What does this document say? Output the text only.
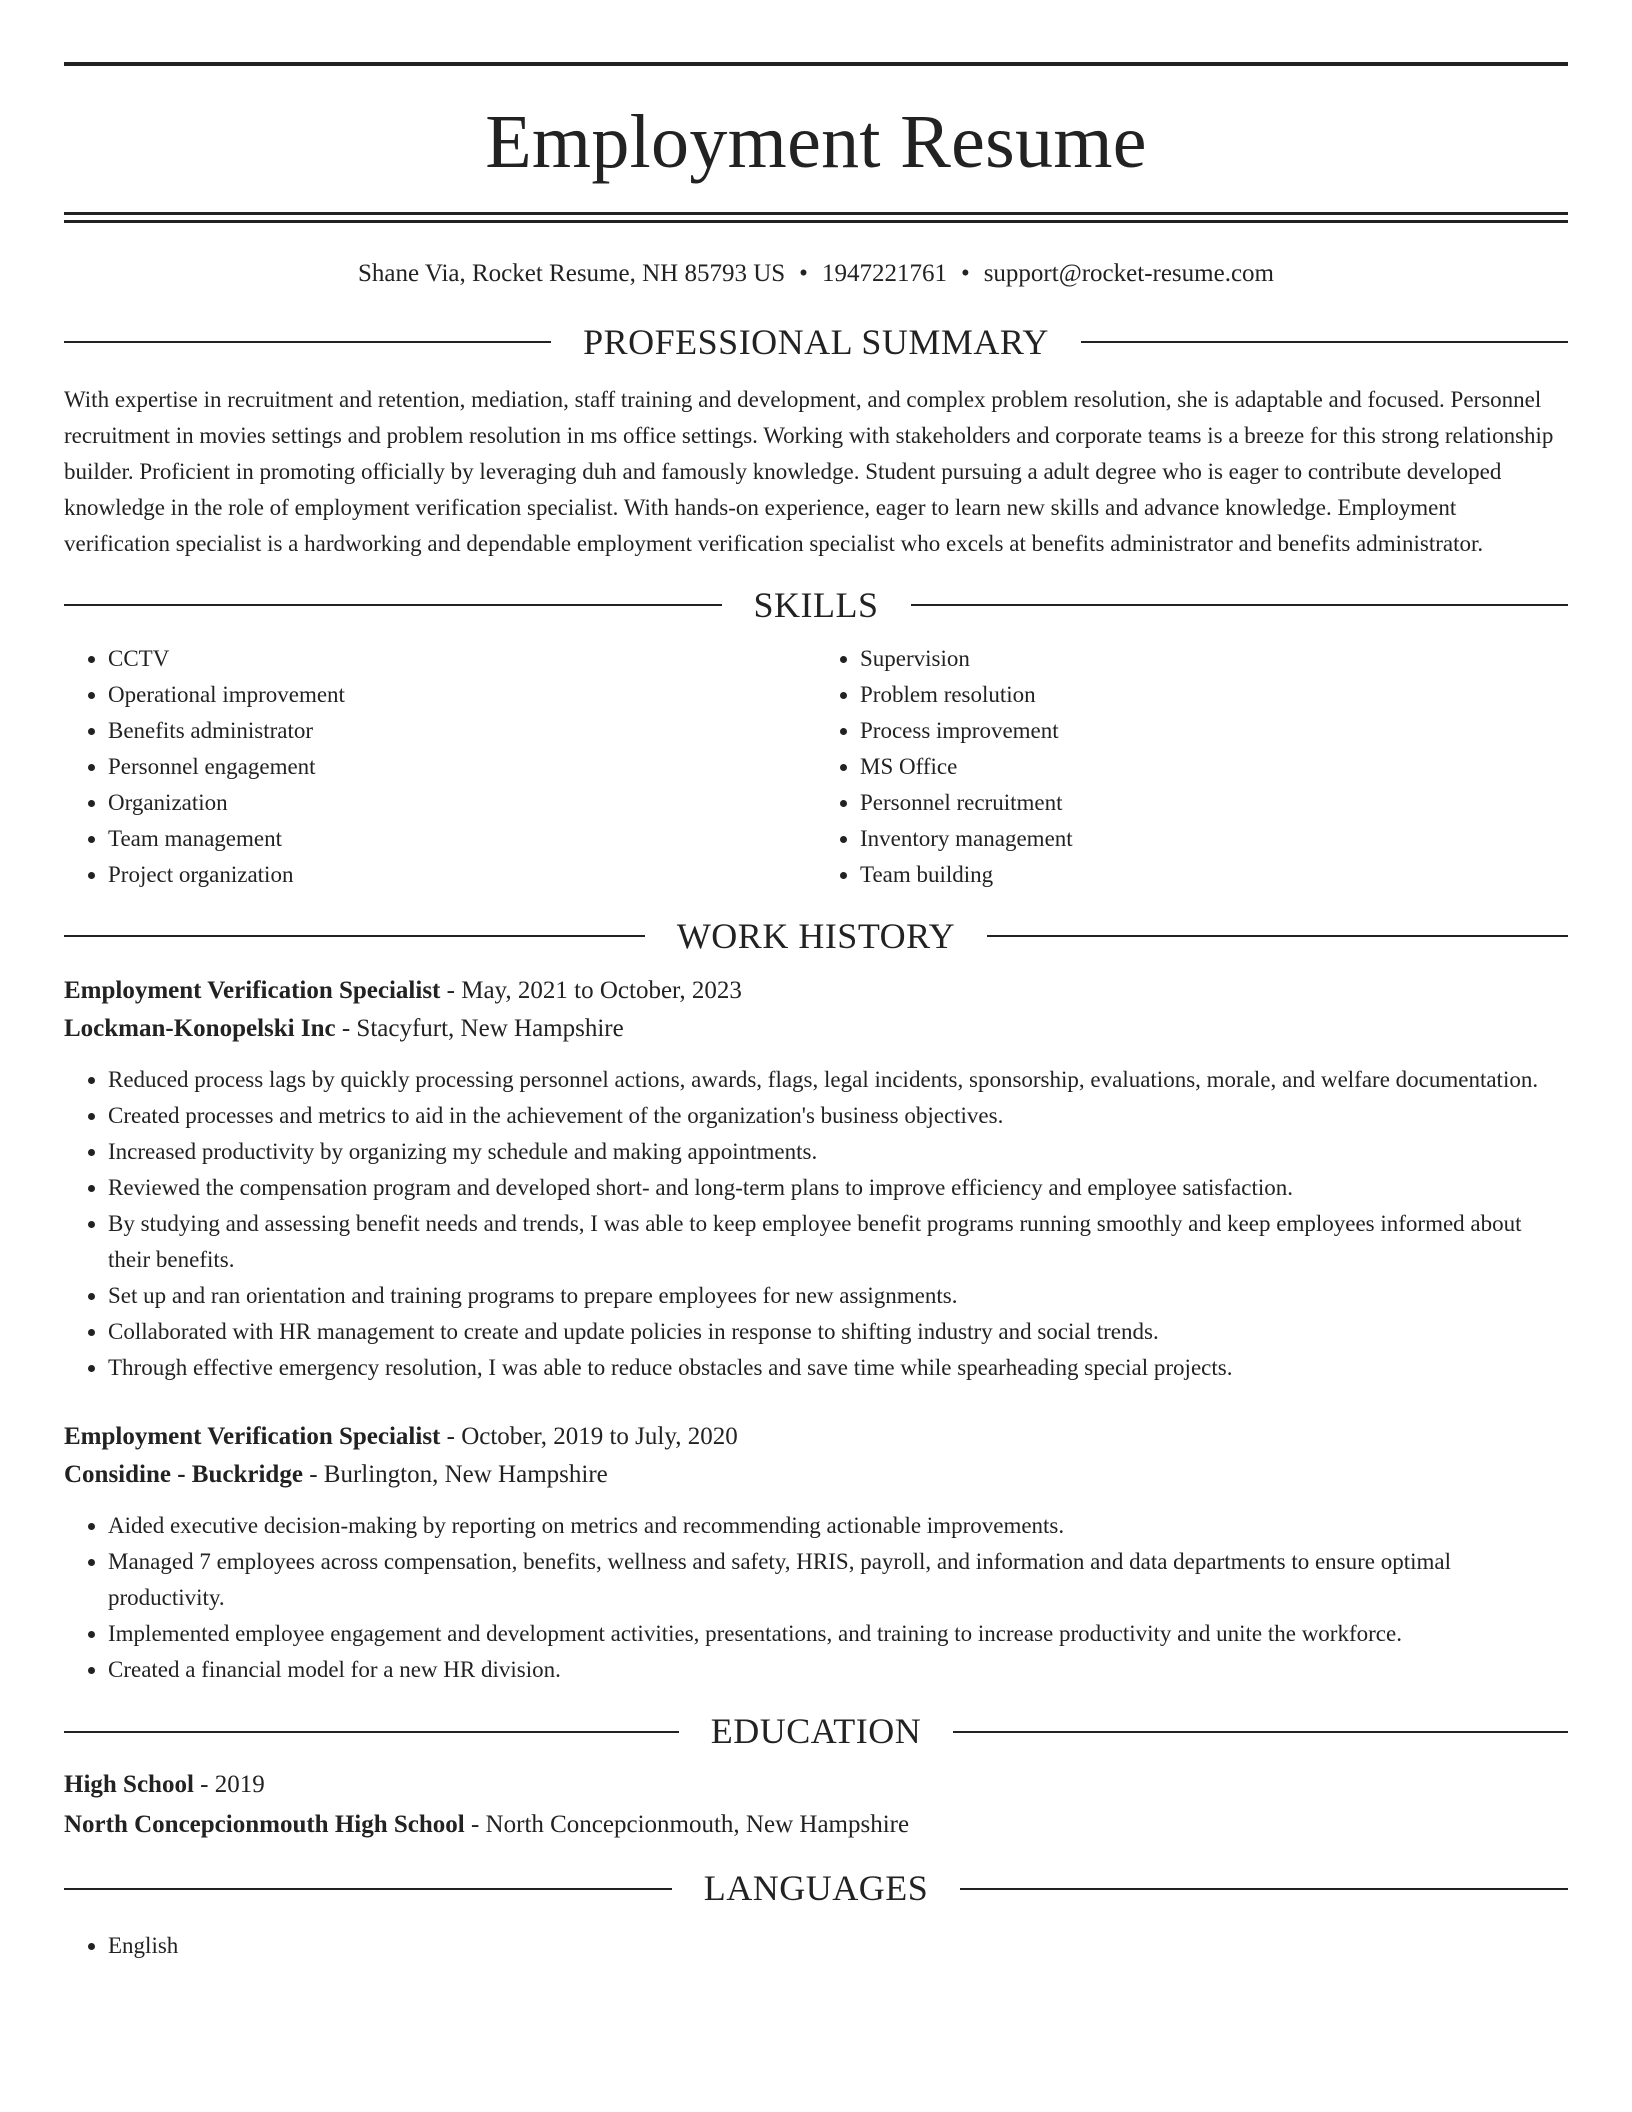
Employment Resume
Shane Via, Rocket Resume, NH 85793 US • 1947221761 • support@rocket-resume.com
PROFESSIONAL SUMMARY

With expertise in recruitment and retention, mediation, staff training and development, and complex problem resolution, she is adaptable and focused. Personnel recruitment in movies settings and problem resolution in ms office settings. Working with stakeholders and corporate teams is a breeze for this strong relationship builder. Proficient in promoting officially by leveraging duh and famously knowledge. Student pursuing a adult degree who is eager to contribute developed knowledge in the role of employment verification specialist. With hands-on experience, eager to learn new skills and advance knowledge. Employment verification specialist is a hardworking and dependable employment verification specialist who excels at benefits administrator and benefits administrator.

SKILLS
• CCTV
• Operational improvement
• Benefits administrator
• Personnel engagement
• Organization
• Team management
• Project organization
• Supervision
• Problem resolution
• Process improvement
• MS Office
• Personnel recruitment
• Inventory management
• Team building
WORK HISTORY
Employment Verification Specialist - May, 2021 to October, 2023
Lockman-Konopelski Inc - Stacyfurt, New Hampshire
• Reduced process lags by quickly processing personnel actions, awards, flags, legal incidents, sponsorship, evaluations, morale, and welfare documentation.
• Created processes and metrics to aid in the achievement of the organization's business objectives.
• Increased productivity by organizing my schedule and making appointments.
• Reviewed the compensation program and developed short- and long-term plans to improve efficiency and employee satisfaction.
• By studying and assessing benefit needs and trends, I was able to keep employee benefit programs running smoothly and keep employees informed about their benefits.
• Set up and ran orientation and training programs to prepare employees for new assignments.
• Collaborated with HR management to create and update policies in response to shifting industry and social trends.
• Through effective emergency resolution, I was able to reduce obstacles and save time while spearheading special projects.
Employment Verification Specialist - October, 2019 to July, 2020
Considine - Buckridge - Burlington, New Hampshire
• Aided executive decision-making by reporting on metrics and recommending actionable improvements.
• Managed 7 employees across compensation, benefits, wellness and safety, HRIS, payroll, and information and data departments to ensure optimal productivity.
• Implemented employee engagement and development activities, presentations, and training to increase productivity and unite the workforce.
• Created a financial model for a new HR division.
EDUCATION
High School - 2019
North Concepcionmouth High School - North Concepcionmouth, New Hampshire
LANGUAGES
• English
